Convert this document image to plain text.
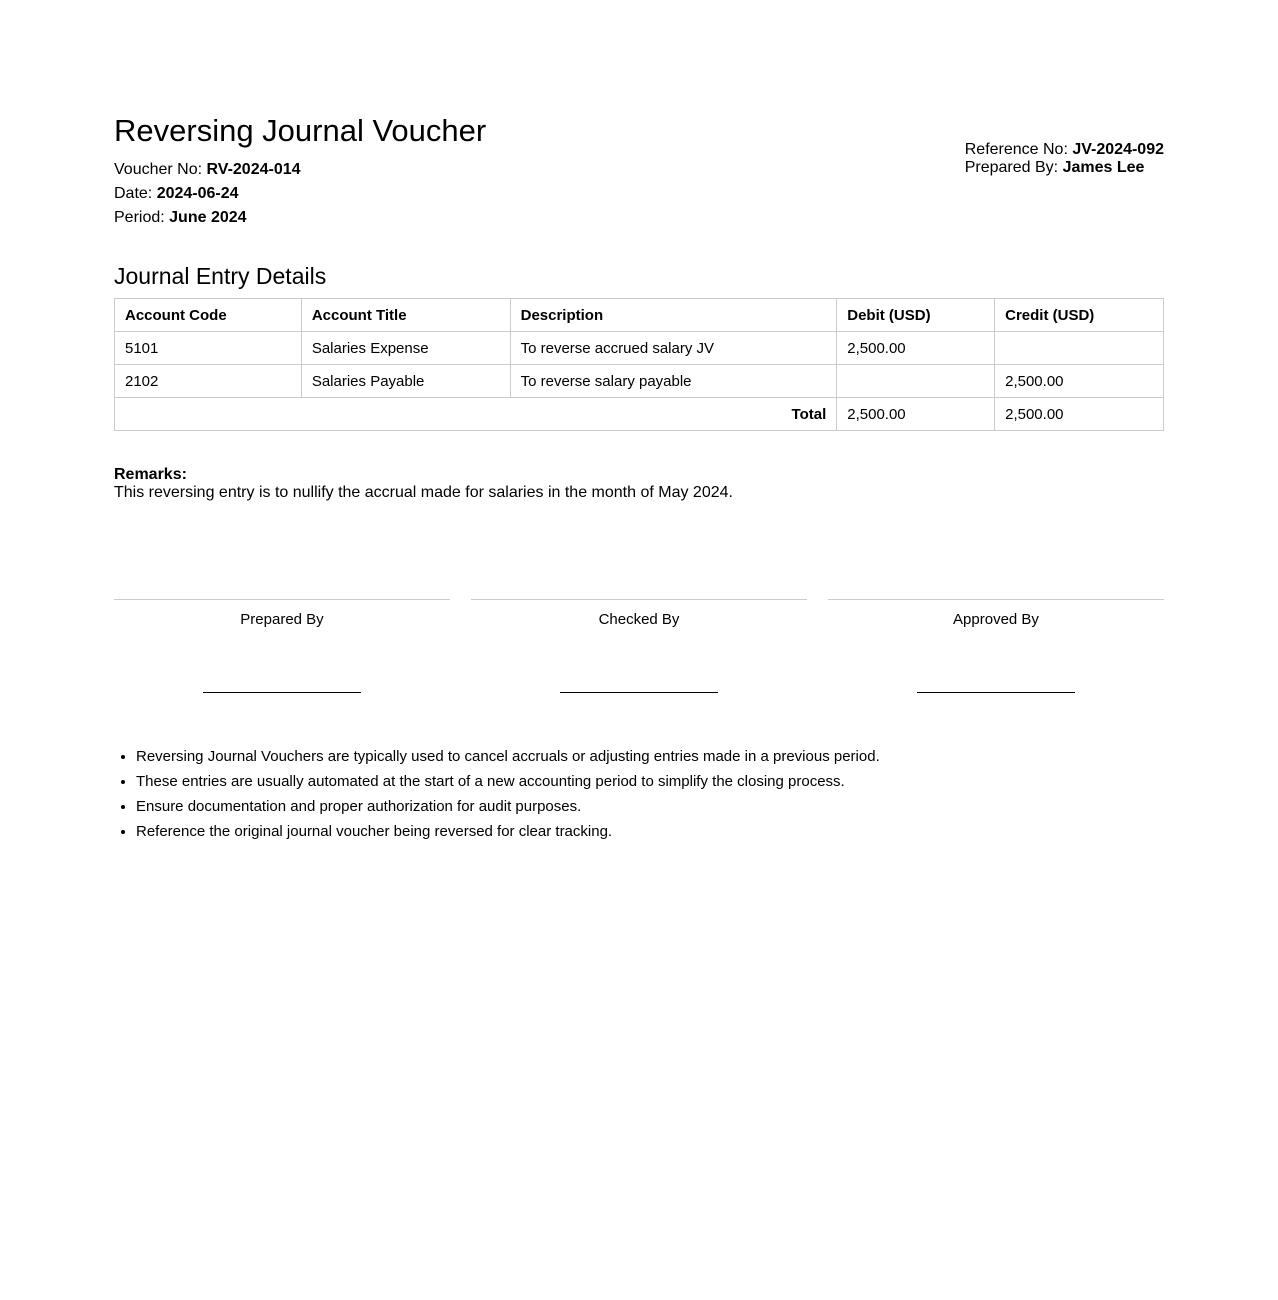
Reversing Journal Voucher
Voucher No: RV-2024-014
Date: 2024-06-24
Period: June 2024
Reference No: JV-2024-092
Prepared By: James Lee
Journal Entry Details
Account Code	Account Title	Description	Debit (USD)	Credit (USD)
5101	Salaries Expense	To reverse accrued salary JV	2,500.00	
2102	Salaries Payable	To reverse salary payable		2,500.00
Total			2,500.00	2,500.00
Remarks:
This reversing entry is to nullify the accrual made for salaries in the month of May 2024.
Prepared By	Checked By	Approved By
• Reversing Journal Vouchers are typically used to cancel accruals or adjusting entries made in a previous period.
• These entries are usually automated at the start of a new accounting period to simplify the closing process.
• Ensure documentation and proper authorization for audit purposes.
• Reference the original journal voucher being reversed for clear tracking.
